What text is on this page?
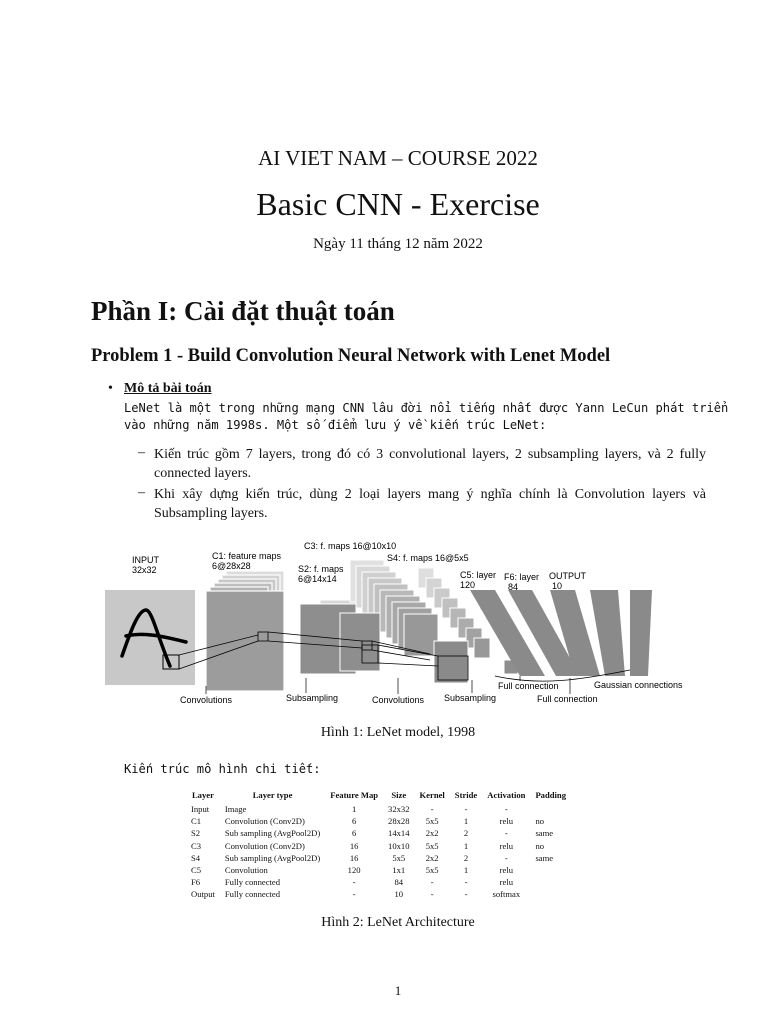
AI VIET NAM – COURSE 2022
Basic CNN - Exercise
Ngày 11 tháng 12 năm 2022
Phần I: Cài đặt thuật toán
Problem 1 - Build Convolution Neural Network with Lenet Model
• Mô tả bài toán
LeNet là một trong những mạng CNN lâu đời nổi tiếng nhất được Yann LeCun phát triển
vào những năm 1998s. Một số điểm lưu ý về kiến trúc LeNet:
– Kiến trúc gồm 7 layers, trong đó có 3 convolutional layers, 2 subsampling layers, và 2 fully connected layers.
– Khi xây dựng kiến trúc, dùng 2 loại layers mang ý nghĩa chính là Convolution layers và Subsampling layers.
INPUT
32x32
C1: feature maps
6@28x28	S2: f. maps
6@14x14
C3: f. maps 16@10x10
S4: f. maps 16@5x5
C5: layer
120
F6: layer
84
OUTPUT
10
Convolutions	Subsampling	Convolutions Subsampling
Full connection
Full connection
Gaussian connections
Hình 1: LeNet model, 1998
Kiến trúc mô hình chi tiết:
Layer	Layer type	Feature Map	Size	Kernel	Stride	Activation	Padding
Input	Image	1	32x32	-	-	-	
C1	Convolution (Conv2D)	6	28x28	5x5	1	relu	no
S2	Sub sampling (AvgPool2D)	6	14x14	2x2	2	-	same
C3	Convolution (Conv2D)	16	10x10	5x5	1	relu	no
S4	Sub sampling (AvgPool2D)	16	5x5	2x2	2	-	same
C5	Convolution	120	1x1	5x5	1	relu	
F6	Fully connected	-	84	-	-	relu	
Output	Fully connected	-	10	-	-	softmax	
Hình 2: LeNet Architecture
1
